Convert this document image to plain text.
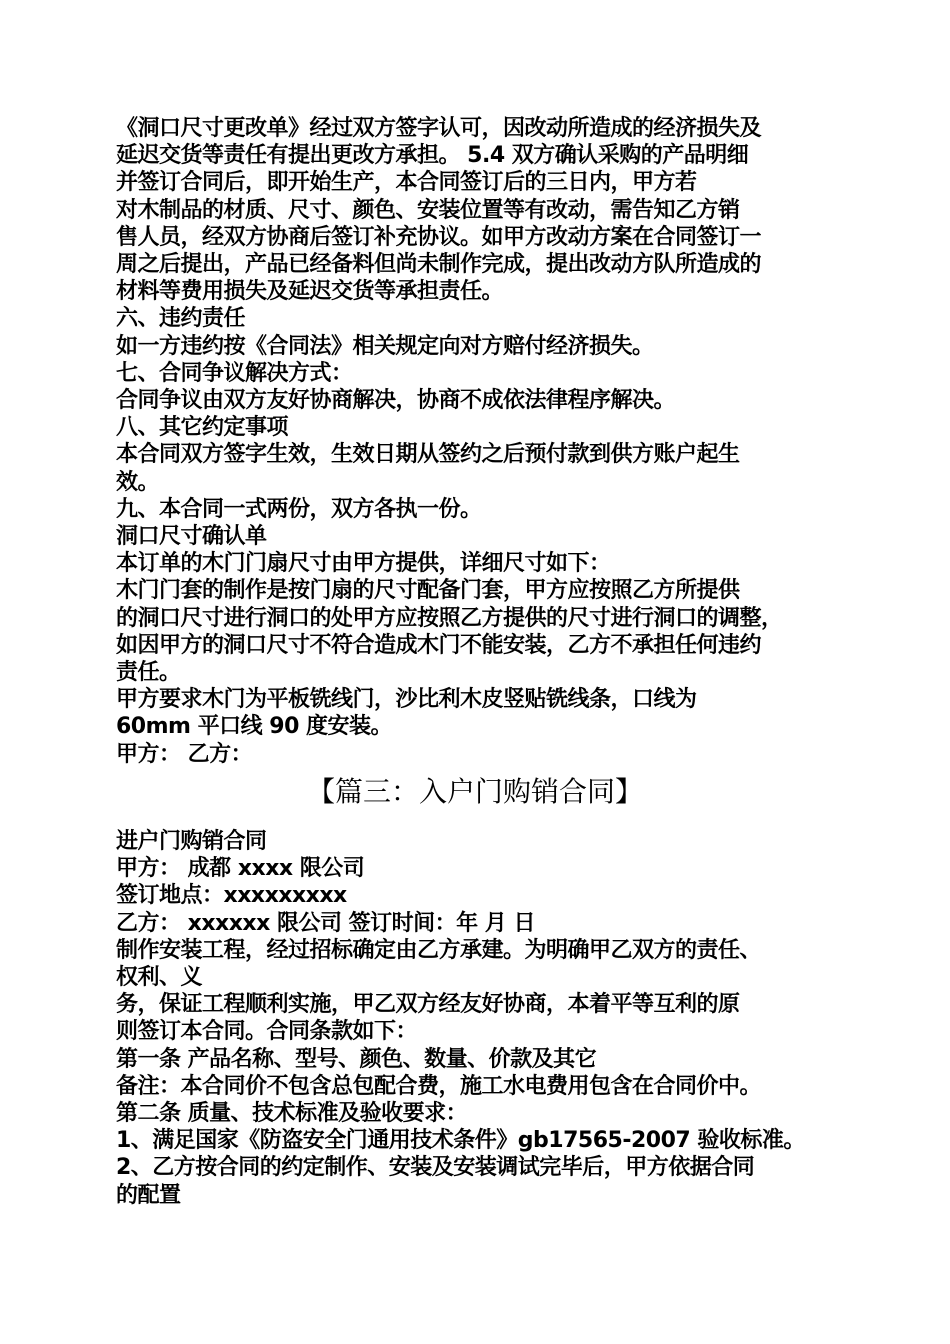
《洞口尺寸更改单》经过双方签字认可，因改动所造成的经济损失及
延迟交货等责任有提出更改方承担。 5.4 双方确认采购的产品明细
并签订合同后，即开始生产，本合同签订后的三日内，甲方若
对木制品的材质、尺寸、颜色、安装位置等有改动，需告知乙方销
售人员，经双方协商后签订补充协议。如甲方改动方案在合同签订一
周之后提出，产品已经备料但尚未制作完成，提出改动方队所造成的
材料等费用损失及延迟交货等承担责任。
六、违约责任
如一方违约按《合同法》相关规定向对方赔付经济损失。
七、合同争议解决方式：
合同争议由双方友好协商解决，协商不成依法律程序解决。
八、其它约定事项
本合同双方签字生效，生效日期从签约之后预付款到供方账户起生
效。
九、本合同一式两份，双方各执一份。
洞口尺寸确认单
本订单的木门门扇尺寸由甲方提供，详细尺寸如下：
木门门套的制作是按门扇的尺寸配备门套，甲方应按照乙方所提供
的洞口尺寸进行洞口的处甲方应按照乙方提供的尺寸进行洞口的调整，
如因甲方的洞口尺寸不符合造成木门不能安装，乙方不承担任何违约
责任。
甲方要求木门为平板铣线门，沙比利木皮竖贴铣线条，口线为
60mm 平口线 90 度安装。
甲方： 乙方：
【篇三：入户门购销合同】
进户门购销合同
甲方： 成都 xxxx 限公司
签订地点：xxxxxxxxx
乙方： xxxxxx 限公司 签订时间：年 月 日
制作安装工程，经过招标确定由乙方承建。为明确甲乙双方的责任、
权利、义
务，保证工程顺利实施，甲乙双方经友好协商，本着平等互利的原
则签订本合同。合同条款如下：
第一条 产品名称、型号、颜色、数量、价款及其它
备注：本合同价不包含总包配合费，施工水电费用包含在合同价中。
第二条 质量、技术标准及验收要求：
1、满足国家《防盗安全门通用技术条件》gb17565-2007 验收标准。
2、乙方按合同的约定制作、安装及安装调试完毕后，甲方依据合同
的配置
